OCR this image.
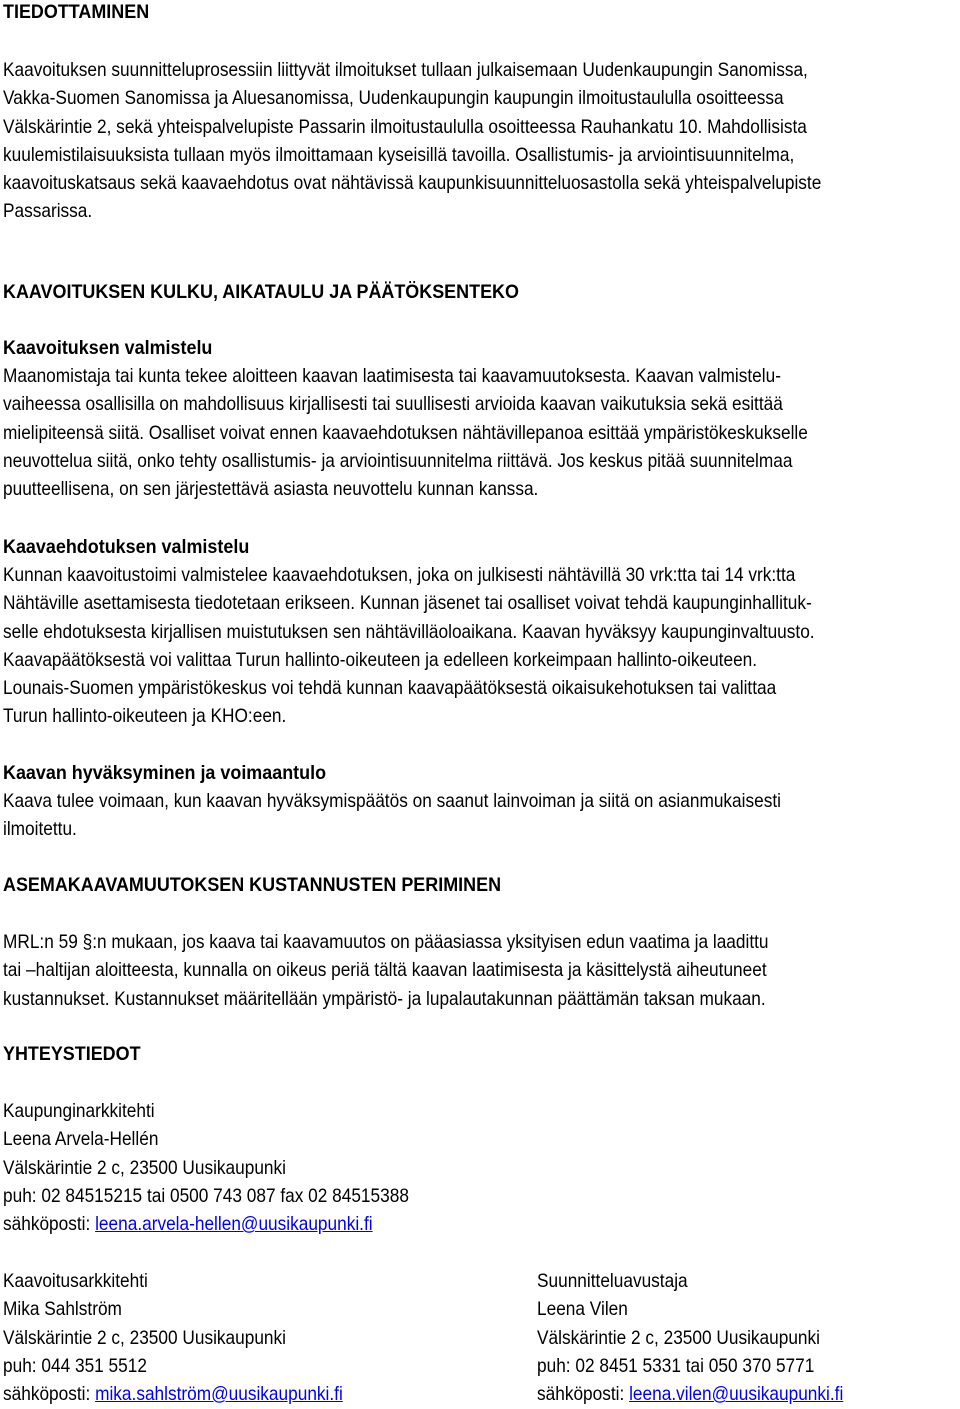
TIEDOTTAMINEN
Kaavoituksen suunnitteluprosessiin liittyvät ilmoitukset tullaan julkaisemaan Uudenkaupungin Sanomissa,
Vakka-Suomen Sanomissa ja Aluesanomissa, Uudenkaupungin kaupungin ilmoitustaululla osoitteessa
Välskärintie 2, sekä yhteispalvelupiste Passarin ilmoitustaululla osoitteessa Rauhankatu 10. Mahdollisista
kuulemistilaisuuksista tullaan myös ilmoittamaan kyseisillä tavoilla. Osallistumis- ja arviointisuunnitelma,
kaavoituskatsaus sekä kaavaehdotus ovat nähtävissä kaupunkisuunnitteluosastolla sekä yhteispalvelupiste
Passarissa.
KAAVOITUKSEN KULKU, AIKATAULU JA PÄÄTÖKSENTEKO
Kaavoituksen valmistelu
Maanomistaja tai kunta tekee aloitteen kaavan laatimisesta tai kaavamuutoksesta. Kaavan valmistelu-
vaiheessa osallisilla on mahdollisuus kirjallisesti tai suullisesti arvioida kaavan vaikutuksia sekä esittää
mielipiteensä siitä. Osalliset voivat ennen kaavaehdotuksen nähtävillepanoa esittää ympäristökeskukselle
neuvottelua siitä, onko tehty osallistumis- ja arviointisuunnitelma riittävä. Jos keskus pitää suunnitelmaa
puutteellisena, on sen järjestettävä asiasta neuvottelu kunnan kanssa.
Kaavaehdotuksen valmistelu
Kunnan kaavoitustoimi valmistelee kaavaehdotuksen, joka on julkisesti nähtävillä 30 vrk:tta tai 14 vrk:tta
Nähtäville asettamisesta tiedotetaan erikseen. Kunnan jäsenet tai osalliset voivat tehdä kaupunginhallituk-
selle ehdotuksesta kirjallisen muistutuksen sen nähtävilläoloaikana. Kaavan hyväksyy kaupunginvaltuusto.
Kaavapäätöksestä voi valittaa Turun hallinto-oikeuteen ja edelleen korkeimpaan hallinto-oikeuteen.
Lounais-Suomen ympäristökeskus voi tehdä kunnan kaavapäätöksestä oikaisukehotuksen tai valittaa
Turun hallinto-oikeuteen ja KHO:een.
Kaavan hyväksyminen ja voimaantulo
Kaava tulee voimaan, kun kaavan hyväksymispäätös on saanut lainvoiman ja siitä on asianmukaisesti
ilmoitettu.
ASEMAKAAVAMUUTOKSEN KUSTANNUSTEN PERIMINEN
MRL:n 59 §:n mukaan, jos kaava tai kaavamuutos on pääasiassa yksityisen edun vaatima ja laadittu
tai –haltijan aloitteesta, kunnalla on oikeus periä tältä kaavan laatimisesta ja käsittelystä aiheutuneet
kustannukset. Kustannukset määritellään ympäristö- ja lupalautakunnan päättämän taksan mukaan.
YHTEYSTIEDOT
Kaupunginarkkitehti
Leena Arvela-Hellén
Välskärintie 2 c, 23500 Uusikaupunki
puh: 02 84515215 tai 0500 743 087 fax 02 84515388
sähköposti: leena.arvela-hellen@uusikaupunki.fi
Kaavoitusarkkitehti
Mika Sahlström
Välskärintie 2 c, 23500 Uusikaupunki
puh: 044 351 5512
sähköposti: mika.sahlström@uusikaupunki.fi
Suunnitteluavustaja
Leena Vilen
Välskärintie 2 c, 23500 Uusikaupunki
puh: 02 8451 5331 tai 050 370 5771
sähköposti: leena.vilen@uusikaupunki.fi
